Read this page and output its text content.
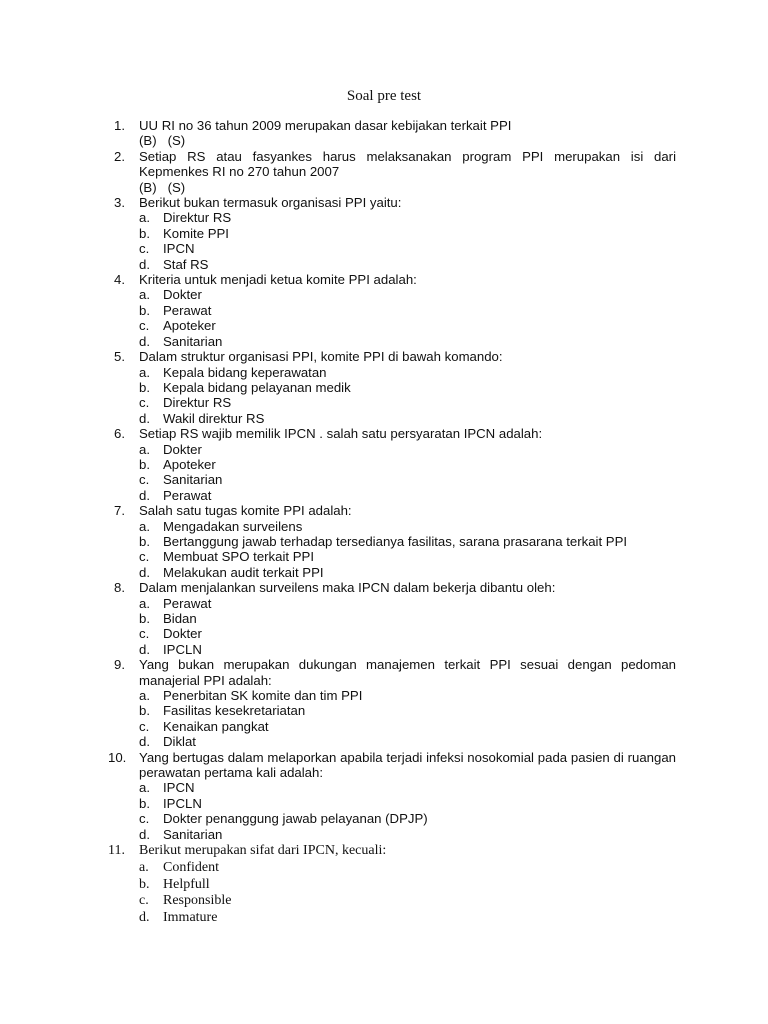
Soal pre test
1.	UU RI no 36 tahun 2009 merupakan dasar kebijakan terkait PPI
(B)   (S)
2.	Setiap RS atau fasyankes harus melaksanakan program PPI merupakan isi dari Kepmenkes RI no 270 tahun 2007
(B)   (S)
3.	Berikut bukan termasuk organisasi PPI yaitu:
a. Direktur RS
b. Komite PPI
c. IPCN
d. Staf RS
4.	Kriteria untuk menjadi ketua komite PPI adalah:
a. Dokter
b. Perawat
c. Apoteker
d. Sanitarian
5.	Dalam struktur organisasi PPI, komite PPI di bawah komando:
a. Kepala bidang keperawatan
b. Kepala bidang pelayanan medik
c. Direktur RS
d. Wakil direktur RS
6.	Setiap RS wajib memilik IPCN . salah satu persyaratan IPCN adalah:
a. Dokter
b. Apoteker
c. Sanitarian
d. Perawat
7.	Salah satu tugas komite PPI adalah:
a. Mengadakan surveilens
b. Bertanggung jawab terhadap tersedianya fasilitas, sarana prasarana terkait PPI
c. Membuat SPO terkait PPI
d. Melakukan audit terkait PPI
8.	Dalam menjalankan surveilens maka IPCN dalam bekerja dibantu oleh:
a. Perawat
b. Bidan
c. Dokter
d. IPCLN
9.	Yang bukan merupakan dukungan manajemen terkait PPI sesuai dengan pedoman manajerial PPI adalah:
a. Penerbitan SK komite dan tim PPI
b. Fasilitas kesekretariatan
c. Kenaikan pangkat
d. Diklat
10. Yang bertugas dalam melaporkan apabila terjadi infeksi nosokomial pada pasien di ruangan perawatan pertama kali adalah:
a. IPCN
b. IPCLN
c. Dokter penanggung jawab pelayanan (DPJP)
d. Sanitarian
11.	Berikut merupakan sifat dari IPCN, kecuali:
a. Confident
b. Helpfull
c. Responsible
d. Immature
